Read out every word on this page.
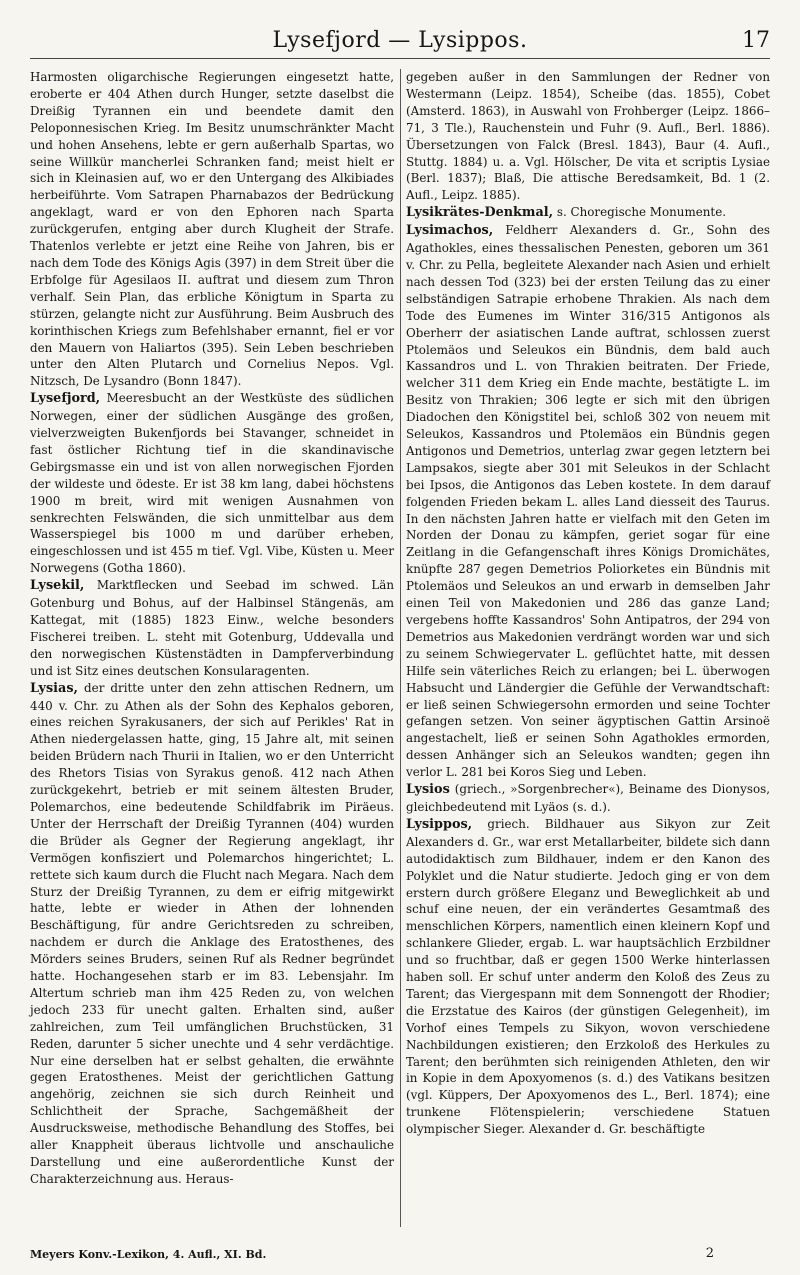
Lysefjord — Lysippos.	17

Harmosten oligarchische Regierungen eingesetzt hatte, eroberte er 404 Athen durch Hunger, setzte daselbst die Dreißig Tyrannen ein und beendete damit den Peloponnesischen Krieg. Im Besitz unumschränkter Macht und hohen Ansehens, lebte er gern außerhalb Spartas, wo seine Willkür mancherlei Schranken fand; meist hielt er sich in Kleinasien auf, wo er den Untergang des Alkibiades herbeiführte. Vom Satrapen Pharnabazos der Bedrückung angeklagt, ward er von den Ephoren nach Sparta zurückgerufen, entging aber durch Klugheit der Strafe. Thatenlos verlebte er jetzt eine Reihe von Jahren, bis er nach dem Tode des Königs Agis (397) in dem Streit über die Erbfolge für Agesilaos II. auftrat und diesem zum Thron verhalf. Sein Plan, das erbliche Königtum in Sparta zu stürzen, gelangte nicht zur Ausführung. Beim Ausbruch des korinthischen Kriegs zum Befehlshaber ernannt, fiel er vor den Mauern von Haliartos (395). Sein Leben beschrieben unter den Alten Plutarch und Cornelius Nepos. Vgl. Nitzsch, De Lysandro (Bonn 1847).

Lysefjord, Meeresbucht an der Westküste des südlichen Norwegen, einer der südlichen Ausgänge des großen, vielverzweigten Bukenfjords bei Stavanger, schneidet in fast östlicher Richtung tief in die skandinavische Gebirgsmasse ein und ist von allen norwegischen Fjorden der wildeste und ödeste. Er ist 38 km lang, dabei höchstens 1900 m breit, wird mit wenigen Ausnahmen von senkrechten Felswänden, die sich unmittelbar aus dem Wasserspiegel bis 1000 m und darüber erheben, eingeschlossen und ist 455 m tief. Vgl. Vibe, Küsten u. Meer Norwegens (Gotha 1860).

Lysekil, Marktflecken und Seebad im schwed. Län Gotenburg und Bohus, auf der Halbinsel Stängenäs, am Kattegat, mit (1885) 1823 Einw., welche besonders Fischerei treiben. L. steht mit Gotenburg, Uddevalla und den norwegischen Küstenstädten in Dampferverbindung und ist Sitz eines deutschen Konsularagenten.

Lysias, der dritte unter den zehn attischen Rednern, um 440 v. Chr. zu Athen als der Sohn des Kephalos geboren, eines reichen Syrakusaners, der sich auf Perikles' Rat in Athen niedergelassen hatte, ging, 15 Jahre alt, mit seinen beiden Brüdern nach Thurii in Italien, wo er den Unterricht des Rhetors Tisias von Syrakus genoß. 412 nach Athen zurückgekehrt, betrieb er mit seinem ältesten Bruder, Polemarchos, eine bedeutende Schildfabrik im Piräeus. Unter der Herrschaft der Dreißig Tyrannen (404) wurden die Brüder als Gegner der Regierung angeklagt, ihr Vermögen konfisziert und Polemarchos hingerichtet; L. rettete sich kaum durch die Flucht nach Megara. Nach dem Sturz der Dreißig Tyrannen, zu dem er eifrig mitgewirkt hatte, lebte er wieder in Athen der lohnenden Beschäftigung, für andre Gerichtsreden zu schreiben, nachdem er durch die Anklage des Eratosthenes, des Mörders seines Bruders, seinen Ruf als Redner begründet hatte. Hochangesehen starb er im 83. Lebensjahr. Im Altertum schrieb man ihm 425 Reden zu, von welchen jedoch 233 für unecht galten. Erhalten sind, außer zahlreichen, zum Teil umfänglichen Bruchstücken, 31 Reden, darunter 5 sicher unechte und 4 sehr verdächtige. Nur eine derselben hat er selbst gehalten, die erwähnte gegen Eratosthenes. Meist der gerichtlichen Gattung angehörig, zeichnen sie sich durch Reinheit und Schlichtheit der Sprache, Sachgemäßheit der Ausdrucksweise, methodische Behandlung des Stoffes, bei aller Knappheit überaus lichtvolle und anschauliche Darstellung und eine außerordentliche Kunst der Charakterzeichnung aus. Heraus-

gegeben außer in den Sammlungen der Redner von Westermann (Leipz. 1854), Scheibe (das. 1855), Cobet (Amsterd. 1863), in Auswahl von Frohberger (Leipz. 1866–71, 3 Tle.), Rauchenstein und Fuhr (9. Aufl., Berl. 1886). Übersetzungen von Falck (Bresl. 1843), Baur (4. Aufl., Stuttg. 1884) u. a. Vgl. Hölscher, De vita et scriptis Lysiae (Berl. 1837); Blaß, Die attische Beredsamkeit, Bd. 1 (2. Aufl., Leipz. 1885).

Lysikrätes-Denkmal, s. Choregische Monumente.

Lysimachos, Feldherr Alexanders d. Gr., Sohn des Agathokles, eines thessalischen Penesten, geboren um 361 v. Chr. zu Pella, begleitete Alexander nach Asien und erhielt nach dessen Tod (323) bei der ersten Teilung das zu einer selbständigen Satrapie erhobene Thrakien. Als nach dem Tode des Eumenes im Winter 316/315 Antigonos als Oberherr der asiatischen Lande auftrat, schlossen zuerst Ptolemäos und Seleukos ein Bündnis, dem bald auch Kassandros und L. von Thrakien beitraten. Der Friede, welcher 311 dem Krieg ein Ende machte, bestätigte L. im Besitz von Thrakien; 306 legte er sich mit den übrigen Diadochen den Königstitel bei, schloß 302 von neuem mit Seleukos, Kassandros und Ptolemäos ein Bündnis gegen Antigonos und Demetrios, unterlag zwar gegen letztern bei Lampsakos, siegte aber 301 mit Seleukos in der Schlacht bei Ipsos, die Antigonos das Leben kostete. In dem darauf folgenden Frieden bekam L. alles Land diesseit des Taurus. In den nächsten Jahren hatte er vielfach mit den Geten im Norden der Donau zu kämpfen, geriet sogar für eine Zeitlang in die Gefangenschaft ihres Königs Dromichätes, knüpfte 287 gegen Demetrios Poliorketes ein Bündnis mit Ptolemäos und Seleukos an und erwarb in demselben Jahr einen Teil von Makedonien und 286 das ganze Land; vergebens hoffte Kassandros' Sohn Antipatros, der 294 von Demetrios aus Makedonien verdrängt worden war und sich zu seinem Schwiegervater L. geflüchtet hatte, mit dessen Hilfe sein väterliches Reich zu erlangen; bei L. überwogen Habsucht und Ländergier die Gefühle der Verwandtschaft: er ließ seinen Schwiegersohn ermorden und seine Tochter gefangen setzen. Von seiner ägyptischen Gattin Arsinoë angestachelt, ließ er seinen Sohn Agathokles ermorden, dessen Anhänger sich an Seleukos wandten; gegen ihn verlor L. 281 bei Koros Sieg und Leben.

Lysios (griech., »Sorgenbrecher«), Beiname des Dionysos, gleichbedeutend mit Lyäos (s. d.).

Lysippos, griech. Bildhauer aus Sikyon zur Zeit Alexanders d. Gr., war erst Metallarbeiter, bildete sich dann autodidaktisch zum Bildhauer, indem er den Kanon des Polyklet und die Natur studierte. Jedoch ging er von dem erstern durch größere Eleganz und Beweglichkeit ab und schuf eine neuen, der ein verändertes Gesamtmaß des menschlichen Körpers, namentlich einen kleinern Kopf und schlankere Glieder, ergab. L. war hauptsächlich Erzbildner und so fruchtbar, daß er gegen 1500 Werke hinterlassen haben soll. Er schuf unter anderm den Koloß des Zeus zu Tarent; das Viergespann mit dem Sonnengott der Rhodier; die Erzstatue des Kairos (der günstigen Gelegenheit), im Vorhof eines Tempels zu Sikyon, wovon verschiedene Nachbildungen existieren; den Erzkoloß des Herkules zu Tarent; den berühmten sich reinigenden Athleten, den wir in Kopie in dem Apoxyomenos (s. d.) des Vatikans besitzen (vgl. Küppers, Der Apoxyomenos des L., Berl. 1874); eine trunkene Flötenspielerin; verschiedene Statuen olympischer Sieger. Alexander d. Gr. beschäftigte

Meyers Konv.-Lexikon, 4. Aufl., XI. Bd.	2
